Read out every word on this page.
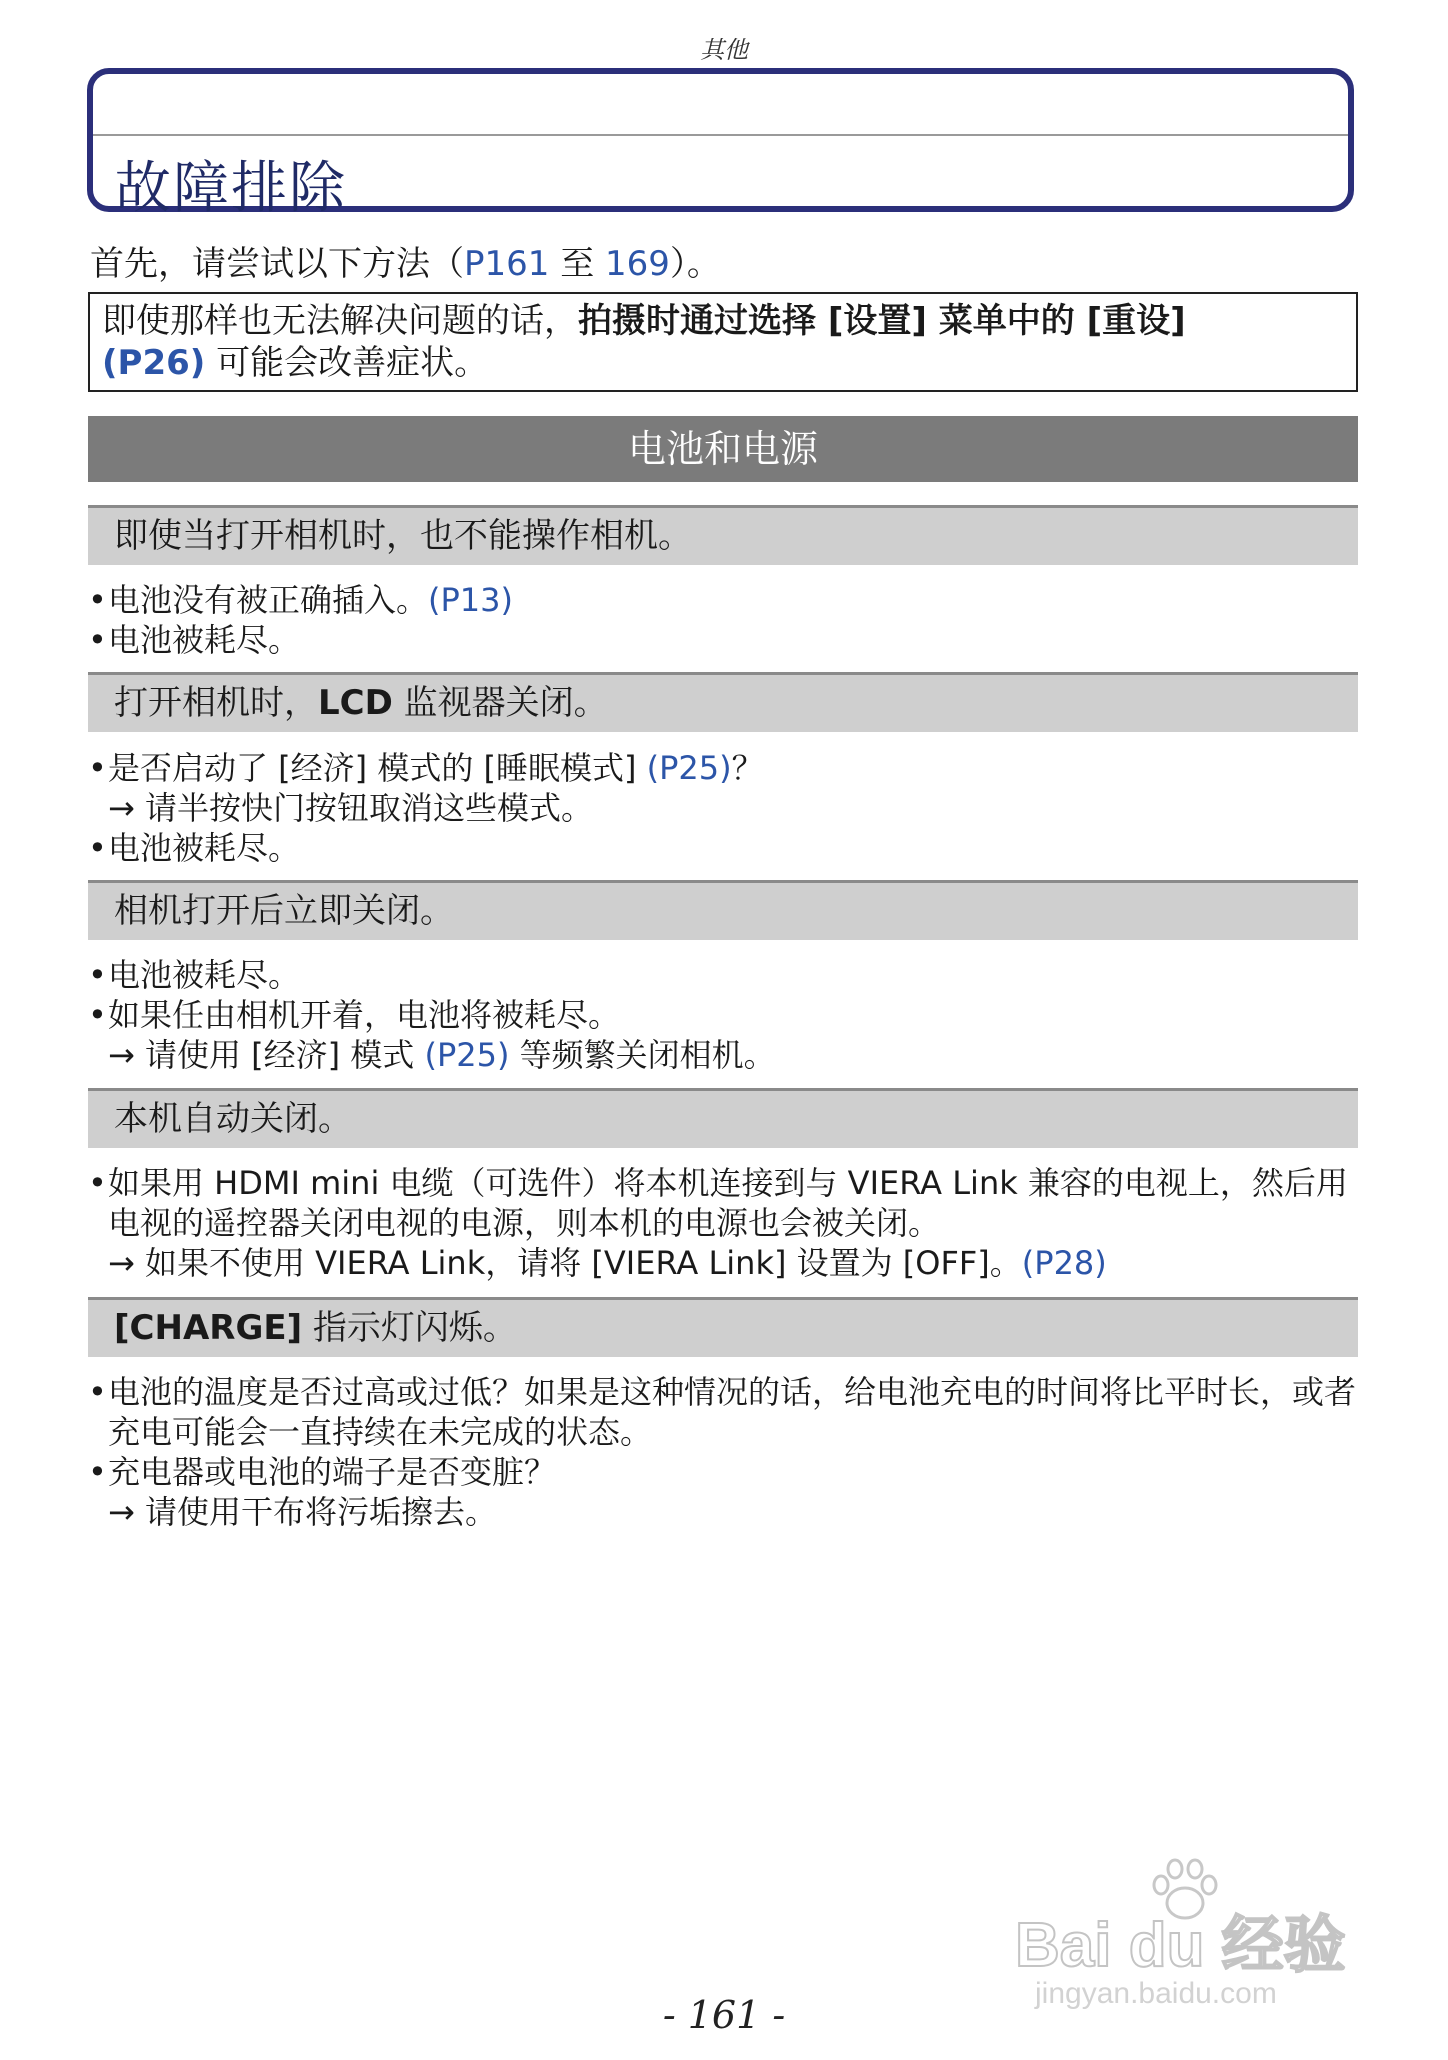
其他
故障排除
首先，请尝试以下方法（P161 至 169）。
即使那样也无法解决问题的话，拍摄时通过选择 [设置] 菜单中的 [重设]
(P26) 可能会改善症状。
电池和电源
即使当打开相机时，也不能操作相机。
• 电池没有被正确插入。(P13)
• 电池被耗尽。
打开相机时，LCD 监视器关闭。
• 是否启动了 [经济] 模式的 [睡眠模式] (P25)？
→ 请半按快门按钮取消这些模式。
• 电池被耗尽。
相机打开后立即关闭。
• 电池被耗尽。
• 如果任由相机开着，电池将被耗尽。
→ 请使用 [经济] 模式 (P25) 等频繁关闭相机。
本机自动关闭。
• 如果用 HDMI mini 电缆（可选件）将本机连接到与 VIERA Link 兼容的电视上，然后用电视的遥控器关闭电视的电源，则本机的电源也会被关闭。
→ 如果不使用 VIERA Link，请将 [VIERA Link] 设置为 [OFF]。(P28)
[CHARGE] 指示灯闪烁。
• 电池的温度是否过高或过低？如果是这种情况的话，给电池充电的时间将比平时长，或者充电可能会一直持续在未完成的状态。
• 充电器或电池的端子是否变脏？
→ 请使用干布将污垢擦去。
Bai du 经验
jingyan.baidu.com
- 161 -
